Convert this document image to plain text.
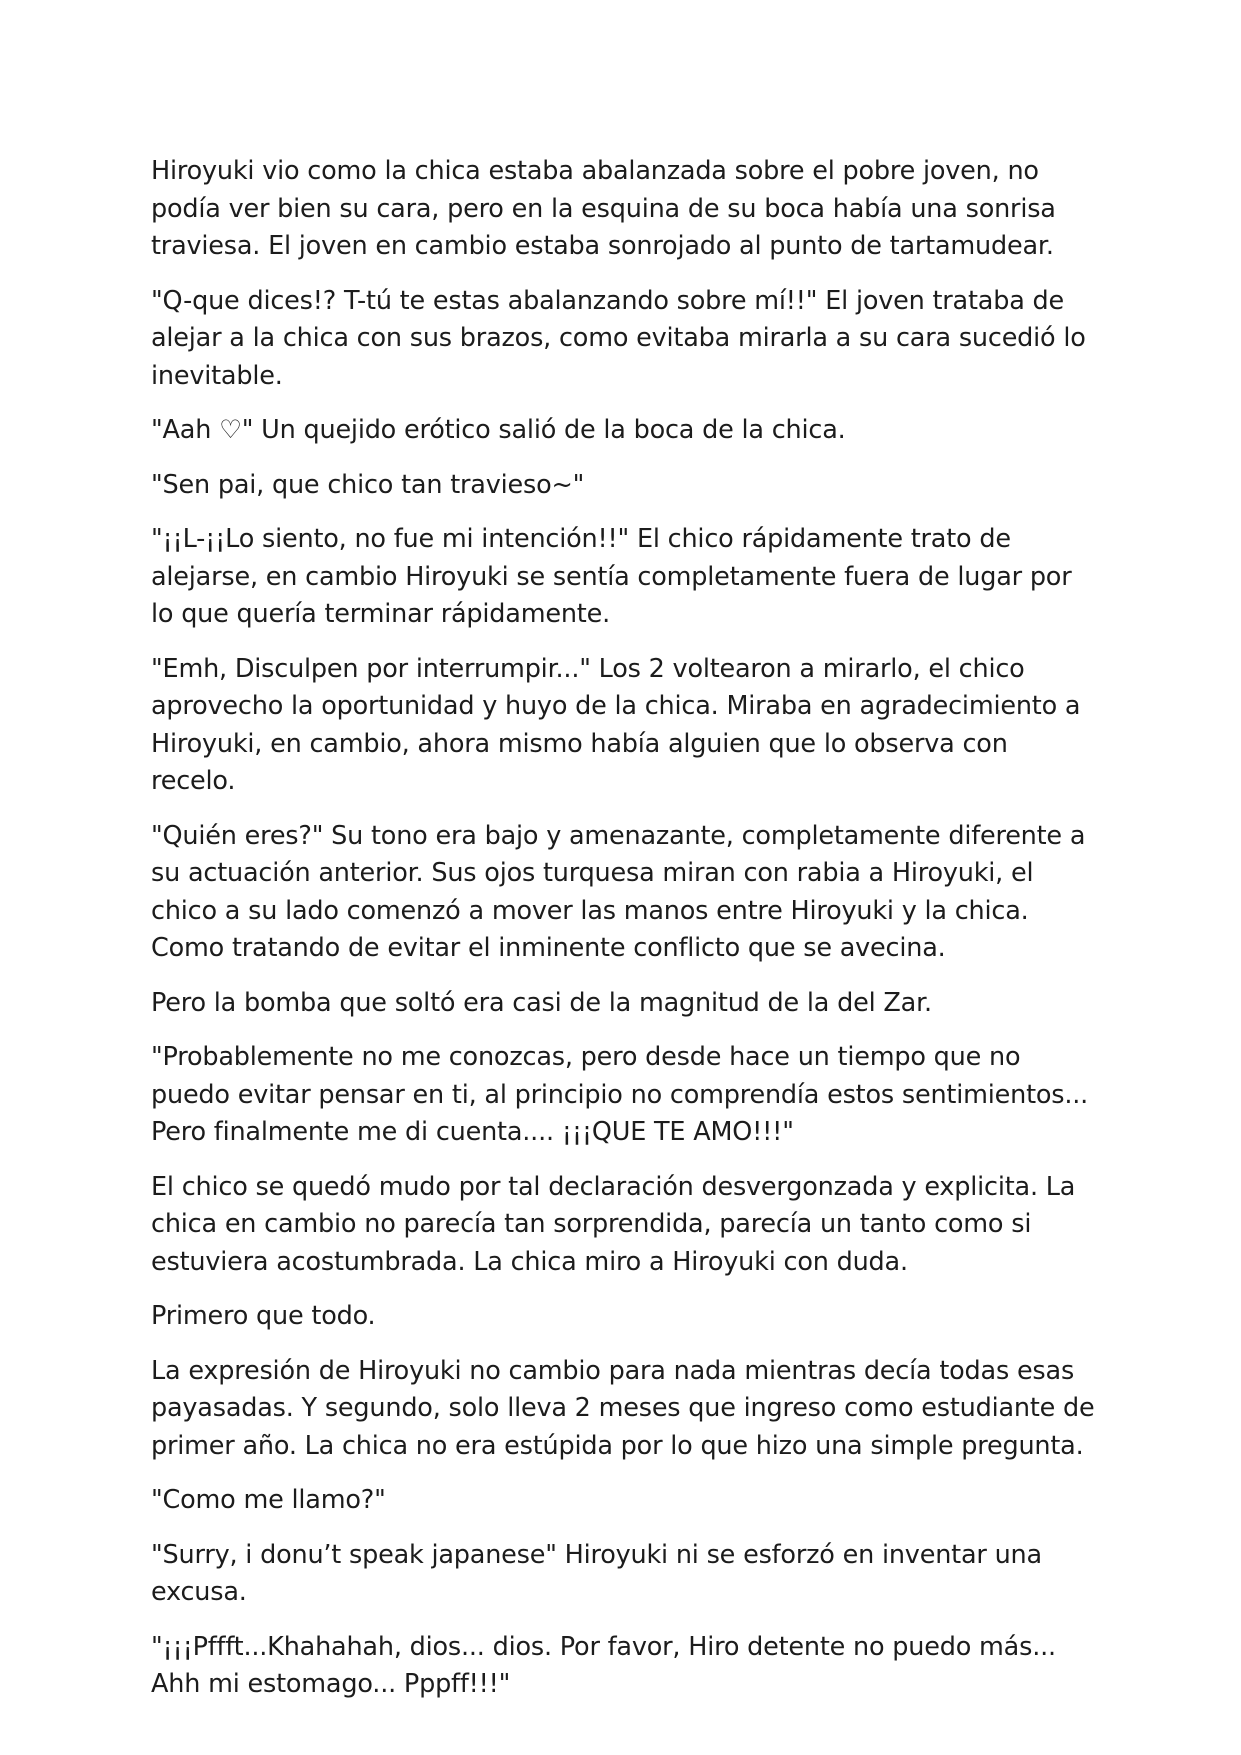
Hiroyuki vio como la chica estaba abalanzada sobre el pobre joven, no podía ver bien su cara, pero en la esquina de su boca había una sonrisa traviesa. El joven en cambio estaba sonrojado al punto de tartamudear.

"Q-que dices!? T-tú te estas abalanzando sobre mí!!" El joven trataba de alejar a la chica con sus brazos, como evitaba mirarla a su cara sucedió lo inevitable.

"Aah ♡" Un quejido erótico salió de la boca de la chica.

"Sen pai, que chico tan travieso~"

"¡¡L-¡¡Lo siento, no fue mi intención!!" El chico rápidamente trato de alejarse, en cambio Hiroyuki se sentía completamente fuera de lugar por lo que quería terminar rápidamente.

"Emh, Disculpen por interrumpir..." Los 2 voltearon a mirarlo, el chico aprovecho la oportunidad y huyo de la chica. Miraba en agradecimiento a Hiroyuki, en cambio, ahora mismo había alguien que lo observa con recelo.

"Quién eres?" Su tono era bajo y amenazante, completamente diferente a su actuación anterior. Sus ojos turquesa miran con rabia a Hiroyuki, el chico a su lado comenzó a mover las manos entre Hiroyuki y la chica. Como tratando de evitar el inminente conflicto que se avecina.

Pero la bomba que soltó era casi de la magnitud de la del Zar.

"Probablemente no me conozcas, pero desde hace un tiempo que no puedo evitar pensar en ti, al principio no comprendía estos sentimientos... Pero finalmente me di cuenta.... ¡¡¡QUE TE AMO!!!"

El chico se quedó mudo por tal declaración desvergonzada y explicita. La chica en cambio no parecía tan sorprendida, parecía un tanto como si estuviera acostumbrada. La chica miro a Hiroyuki con duda.

Primero que todo.

La expresión de Hiroyuki no cambio para nada mientras decía todas esas payasadas. Y segundo, solo lleva 2 meses que ingreso como estudiante de primer año. La chica no era estúpida por lo que hizo una simple pregunta.

"Como me llamo?"

"Surry, i donu’t speak japanese" Hiroyuki ni se esforzó en inventar una excusa.

"¡¡¡Pffft...Khahahah, dios... dios. Por favor, Hiro detente no puedo más... Ahh mi estomago... Pppff!!!"
